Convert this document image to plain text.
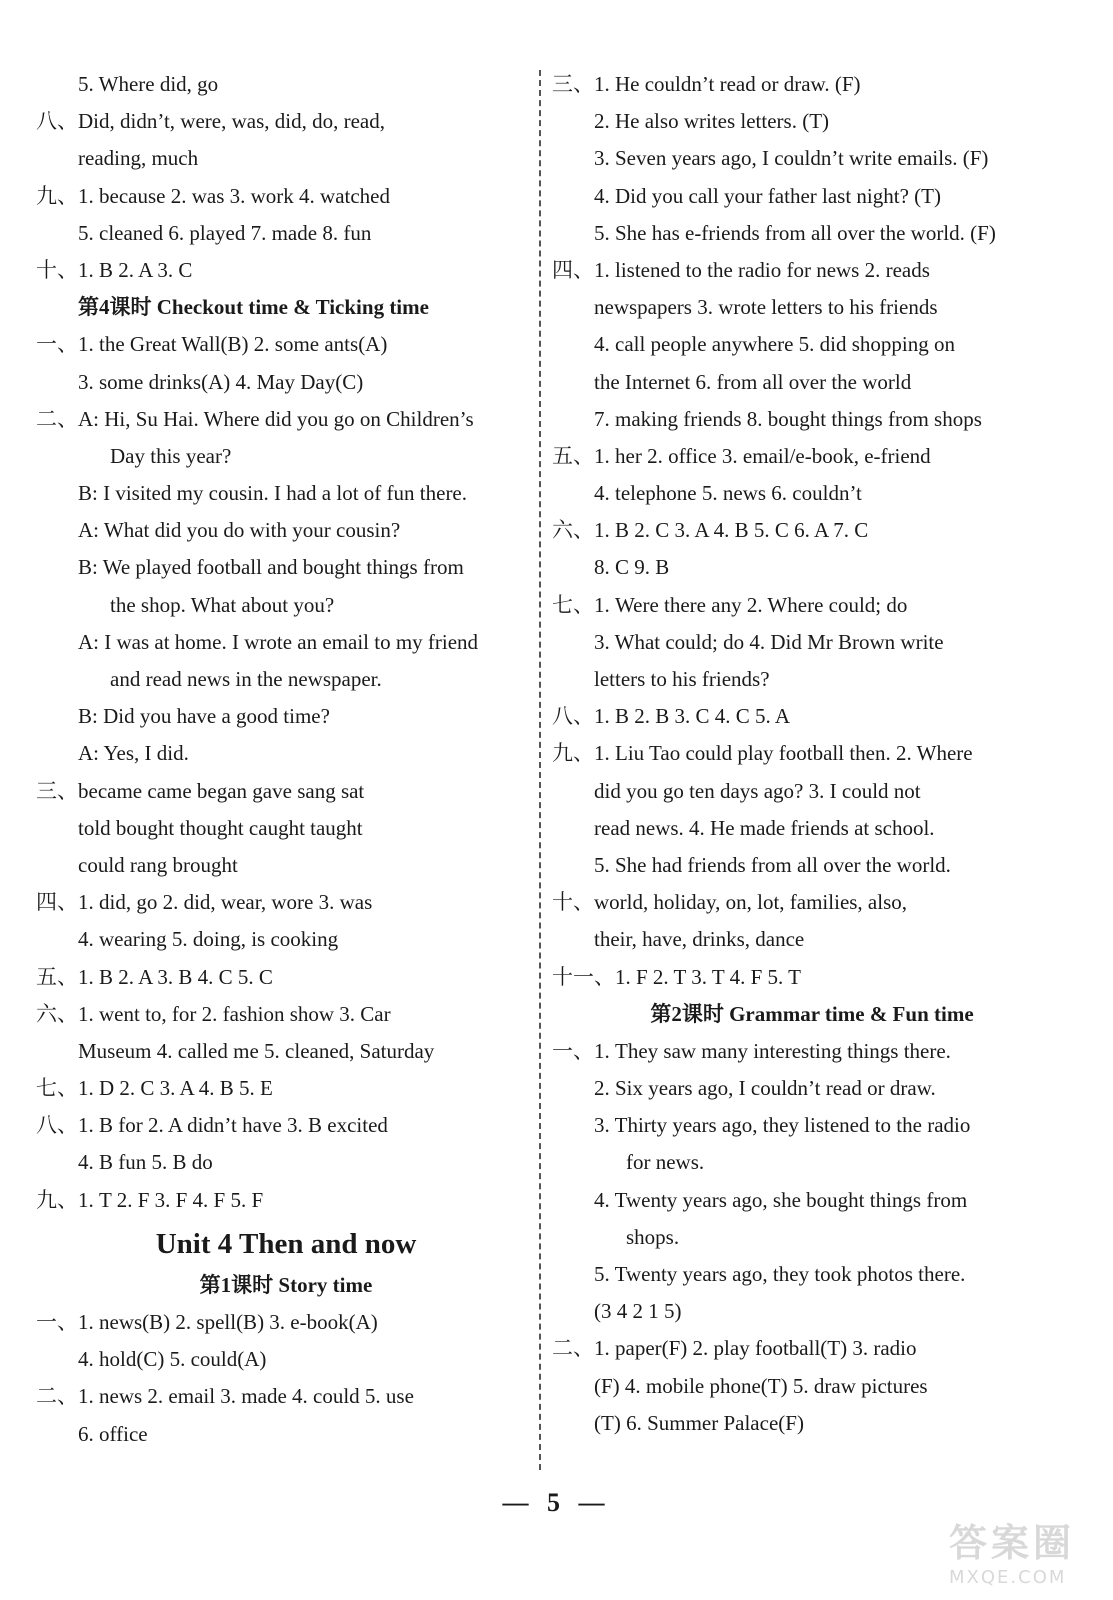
5. Where did, go
八、Did, didn’t, were, was, did, do, read,
reading, much
九、1. because 2. was 3. work 4. watched
5. cleaned 6. played 7. made 8. fun
十、1. B 2. A 3. C
第4课时 Checkout time & Ticking time
一、1. the Great Wall(B) 2. some ants(A)
3. some drinks(A) 4. May Day(C)
二、A: Hi, Su Hai. Where did you go on Children’s
Day this year?
B: I visited my cousin. I had a lot of fun there.
A: What did you do with your cousin?
B: We played football and bought things from
the shop. What about you?
A: I was at home. I wrote an email to my friend
and read news in the newspaper.
B: Did you have a good time?
A: Yes, I did.
三、became came began gave sang sat
told bought thought caught taught
could rang brought
四、1. did, go 2. did, wear, wore 3. was
4. wearing 5. doing, is cooking
五、1. B 2. A 3. B 4. C 5. C
六、1. went to, for 2. fashion show 3. Car
Museum 4. called me 5. cleaned, Saturday
七、1. D 2. C 3. A 4. B 5. E
八、1. B for 2. A didn’t have 3. B excited
4. B fun 5. B do
九、1. T 2. F 3. F 4. F 5. F
Unit 4 Then and now
第1课时 Story time
一、1. news(B) 2. spell(B) 3. e-book(A)
4. hold(C) 5. could(A)
二、1. news 2. email 3. made 4. could 5. use
6. office
三、1. He couldn’t read or draw. (F)
2. He also writes letters. (T)
3. Seven years ago, I couldn’t write emails. (F)
4. Did you call your father last night? (T)
5. She has e-friends from all over the world. (F)
四、1. listened to the radio for news 2. reads
newspapers 3. wrote letters to his friends
4. call people anywhere 5. did shopping on
the Internet 6. from all over the world
7. making friends 8. bought things from shops
五、1. her 2. office 3. email/e-book, e-friend
4. telephone 5. news 6. couldn’t
六、1. B 2. C 3. A 4. B 5. C 6. A 7. C
8. C 9. B
七、1. Were there any 2. Where could; do
3. What could; do 4. Did Mr Brown write
letters to his friends?
八、1. B 2. B 3. C 4. C 5. A
九、1. Liu Tao could play football then. 2. Where
did you go ten days ago? 3. I could not
read news. 4. He made friends at school.
5. She had friends from all over the world.
十、world, holiday, on, lot, families, also,
their, have, drinks, dance
十一、1. F 2. T 3. T 4. F 5. T
第2课时 Grammar time & Fun time
一、1. They saw many interesting things there.
2. Six years ago, I couldn’t read or draw.
3. Thirty years ago, they listened to the radio
for news.
4. Twenty years ago, she bought things from
shops.
5. Twenty years ago, they took photos there.
(3 4 2 1 5)
二、1. paper(F) 2. play football(T) 3. radio
(F) 4. mobile phone(T) 5. draw pictures
(T) 6. Summer Palace(F)
— 5 —
答案圈
MXQE.COM
